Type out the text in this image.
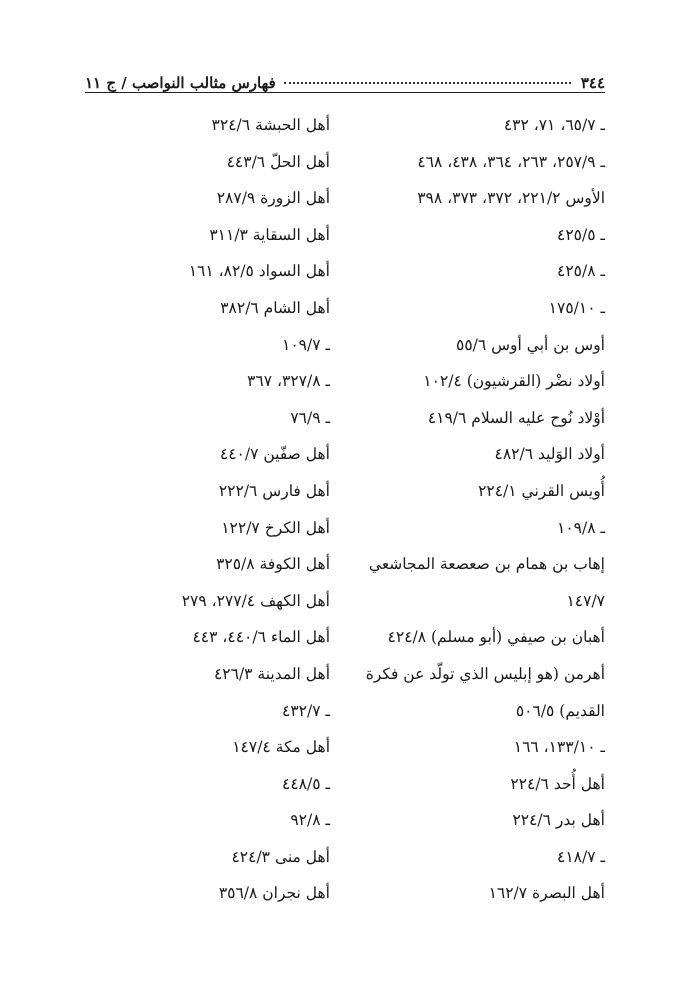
٣٤٤
فهارس مثالب النواصب / ج ١١
ـ ٦٥/٧، ٧١، ٤٣٢
ـ ٢٥٧/٩، ٢٦٣، ٣٦٤، ٤٣٨، ٤٦٨
الأوس ٢٢١/٢، ٣٧٢، ٣٧٣، ٣٩٨
ـ ٤٢٥/٥
ـ ٤٢٥/٨
ـ ١٧٥/١٠
أوس بن أبي أوس ٥٥/٦
أولاد نضْر (القرشيون) ١٠٢/٤
أوْلاد نُوح عليه السلام ٤١٩/٦
أولاد الوَليد ٤٨٢/٦
أُويس القرني ٢٢٤/١
ـ ١٠٩/٨
إهاب بن همام بن صعصعة المجاشعي
١٤٧/٧
أهبان بن صيفي (أبو مسلم) ٤٢٤/٨
أهرمن (هو إبليس الذي تولّد عن فكرة
القديم) ٥٠٦/٥
ـ ١٣٣/١٠، ١٦٦
أهل أُحد ٢٢٤/٦
أهل بدر ٢٢٤/٦
ـ ٤١٨/٧
أهل البصرة ١٦٢/٧
أهل الحبشة ٣٢٤/٦
أهل الحلّ ٤٤٣/٦
أهل الزورة ٢٨٧/٩
أهل السقاية ٣١١/٣
أهل السواد ٨٢/٥، ١٦١
أهل الشام ٣٨٢/٦
ـ ١٠٩/٧
ـ ٣٢٧/٨، ٣٦٧
ـ ٧٦/٩
أهل صفّين ٤٤٠/٧
أهل فارس ٢٢٢/٦
أهل الكرخ ١٢٢/٧
أهل الكوفة ٣٢٥/٨
أهل الكهف ٢٧٧/٤، ٢٧٩
أهل الماء ٤٤٠/٦، ٤٤٣
أهل المدينة ٤٢٦/٣
ـ ٤٣٢/٧
أهل مكة ١٤٧/٤
ـ ٤٤٨/٥
ـ ٩٢/٨
أهل منى ٤٢٤/٣
أهل نجران ٣٥٦/٨
